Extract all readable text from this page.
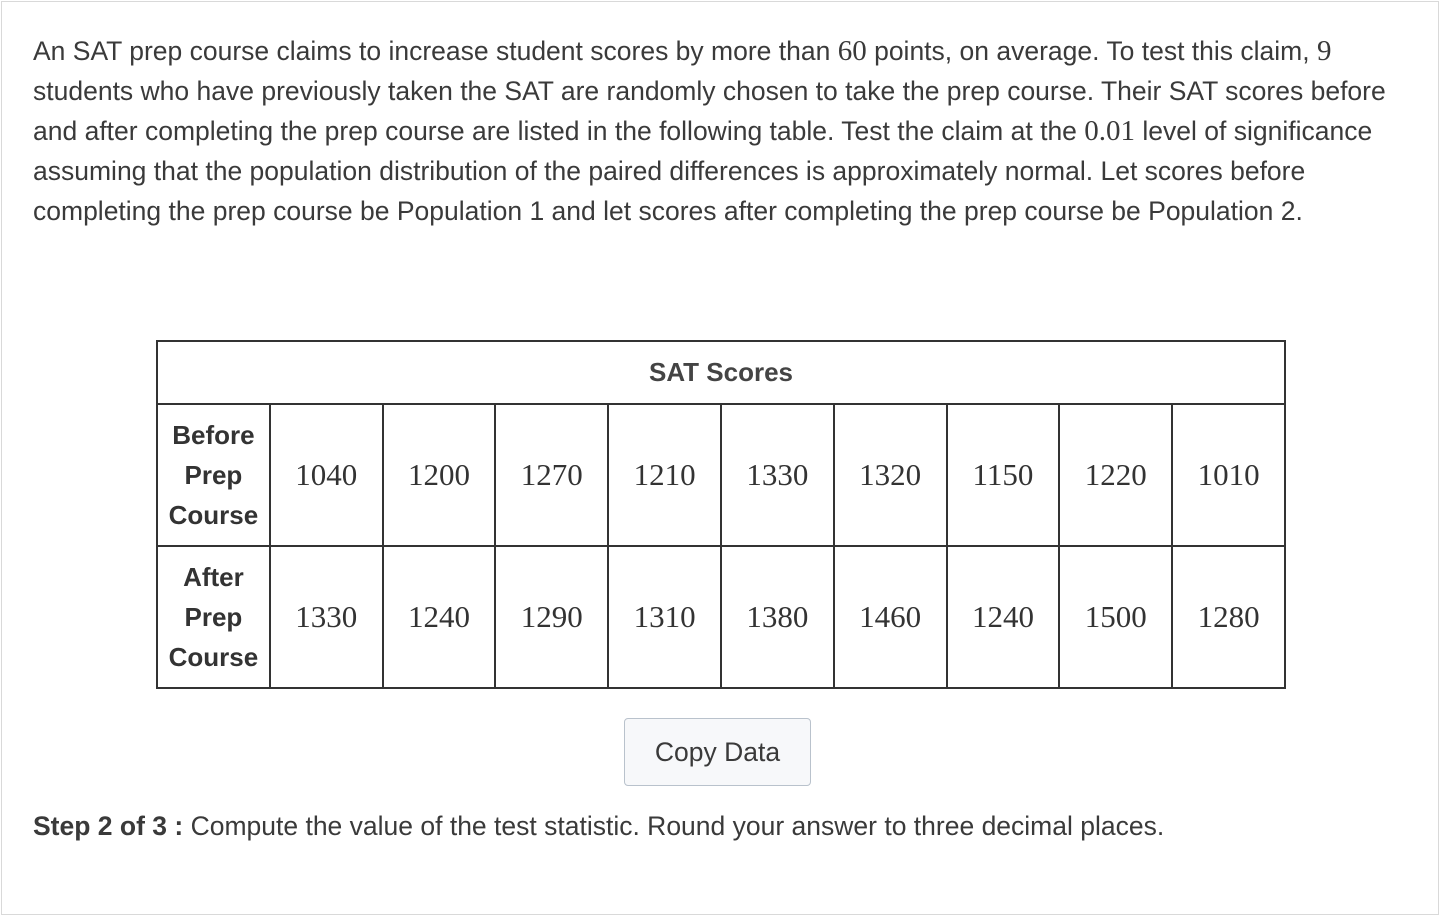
An SAT prep course claims to increase student scores by more than 60 points, on average. To test this claim, 9 students who have previously taken the SAT are randomly chosen to take the prep course. Their SAT scores before and after completing the prep course are listed in the following table. Test the claim at the 0.01 level of significance assuming that the population distribution of the paired differences is approximately normal. Let scores before completing the prep course be Population 1 and let scores after completing the prep course be Population 2.

SAT Scores									
Before
Prep
Course	1040	1200	1270	1210	1330	1320	1150	1220	1010
After
Prep
Course	1330	1240	1290	1310	1380	1460	1240	1500	1280
Copy Data

Step 2 of 3 : Compute the value of the test statistic. Round your answer to three decimal places.
